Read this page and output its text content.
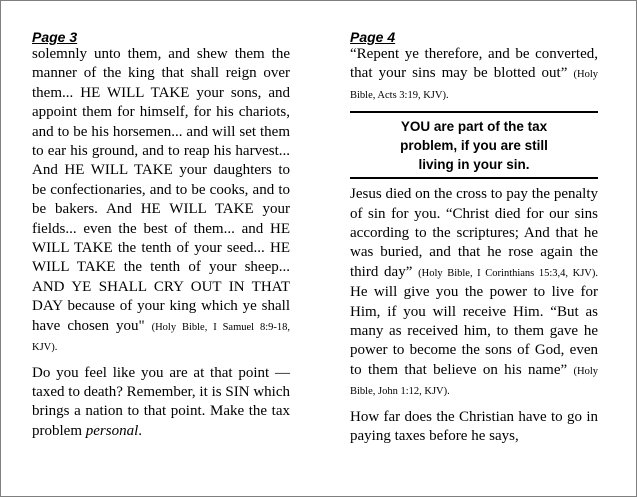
Page 3

solemnly unto them, and shew them the manner of the king that shall reign over them... HE WILL TAKE your sons, and appoint them for himself, for his chariots, and to be his horsemen... and will set them to ear his ground, and to reap his harvest... And HE WILL TAKE your daughters to be confectionaries, and to be cooks, and to be bakers. And HE WILL TAKE your fields... even the best of them... and HE WILL TAKE the tenth of your seed... HE WILL TAKE the tenth of your sheep... AND YE SHALL CRY OUT IN THAT DAY because of your king which ye shall have chosen you" (Holy Bible, I Samuel 8:9-18, KJV).

Do you feel like you are at that point — taxed to death? Remember, it is SIN which brings a nation to that point. Make the tax problem personal.

Page 4

“Repent ye therefore, and be converted, that your sins may be blotted out” (Holy Bible, Acts 3:19, KJV).

YOU are part of the tax
problem, if you are still
living in your sin.

Jesus died on the cross to pay the penalty of sin for you. “Christ died for our sins according to the scriptures; And that he was buried, and that he rose again the third day” (Holy Bible, I Corinthians 15:3,4, KJV). He will give you the power to live for Him, if you will receive Him. “But as many as received him, to them gave he power to become the sons of God, even to them that believe on his name” (Holy Bible, John 1:12, KJV).

How far does the Christian have to go in paying taxes before he says,
